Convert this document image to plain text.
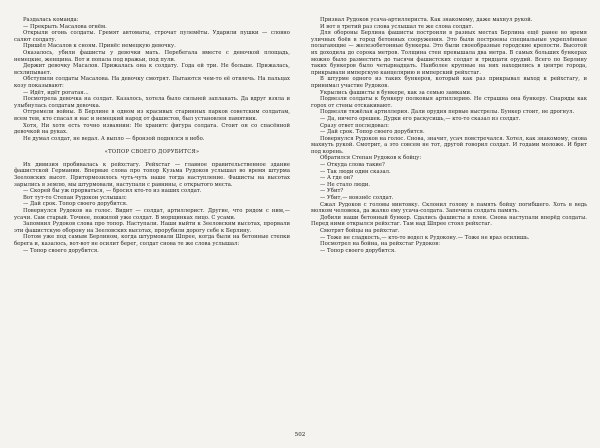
Раздалась команда:

— Прекрыть Масалова огнём.

Открыли огонь солдаты. Гремят автоматы, строчат пулемёты. Ударили пушки — словно салют солдату.

Пришёл Масалов к сноям. Принёс немецкую девочку.

Оказалось, убили фашисты у девочки мать. Перебегала вместе с девочкой площадь, немецкие, женщина. Вот и попала под вражьи, под пули.

Держит девочку Масалов. Прижалась она к солдату. Года ей три. Не больше. Прижалась, всхлипывает.

Обступили солдаты Масалова. На девочку смотрят. Пытаются чем-то её отвлечь. На пальцах козу показывают:

— Идёт, идёт рогатая...

Посмотрела девочка на солдат. Казалось, хотела было сильней заплакать. Да вдруг взяла и улыбнулась солдатам девочка.

Отгремели войны. В Берлине в одном из красивых старинных парков советским солдатам, всем тем, кто спасал и нас и немецкий народ от фашистов, был установлен памятник.

Хотя, Ни хотя есть точно изваянии: Не хранитс фигура солдата. Стоит он со спасённой девочкой на руках.

Не думал солдат, не ведал. А выпло — бронзой поднялся в небо.

«ТОПОР СВОЕГО ДОРУБИТСЯ»

Их дивизия пробивалась к рейхстагу. Рейхстаг — главное правительственное здание фашистской Германии. Впервые слова про топор Кузьма Рудоков услышал во время штурма Зееловских высот. Притормозилось чуть-чуть наше тогда наступление. Фашисты на высотах зарылись в землю, мы штурмовали, наступали с равнины, с открытого места.

— Скорей бы уж прорваться, — бросил кто-то из наших солдат.

Вот тут-то Степан Рудокон услышал:

— Дай срок. Топор своего дорубится.

Повернулся Рудоков на голос. Видит — солдат, артиллерист. Другие, что рядом с ним,— усачи. Сам старый. Точнее, пожилой уже солдат. В морщинках лицо. С усами.

Запомнил Рудоков слова про топор. Наступали. Наши выйти к Зееловским высотах, прорвали эти фашистскую оборону на Зееловских высотах, прорубили дорогу себе к Берлину.

Потом уже под самым Берлином, когда штурмовали Шпрее, когда были на бетонные степки берега и, казалось, вот-вот не осилит берег, солдат снова те же слова услышал:

— Топор своего дорубится.

Признал Рудоков усача-артиллериста. Как знакомому, даже махнул рукой.

И вот в третий раз слова услышал те же слова солдат.

Для обороны Берлина фашисты построили в разных местах Берлина ещё ранее во время уличных боёв в город бетонных сооружения. Это были построены специальные укреплённые полагающие — железобетонные бункеры. Это были своеобразные городские крепости. Высотой их доходила до сорока метров. Толщина стен превышала два метра. В самых больших бункерах можно было разместить до тысячи фашистских солдат и тридцати орудий. Всего по Берлину таких бункеров было четырнадцать. Наиболее крупные на них находились в центре города, прикрывали имперскую канцелярию и имперский рейхстаг.

В штурме одного из таких бункеров, который как раз прикрывал выход к рейхстагу, и принимал участие Рудоков.

Укрылись фашисты в бункере, как за семью замками.

Подвезли солдаты к бункеру полковыя артиллерию. Не страшна она бункеру. Снаряды как горох от стены отскакивают.

Подвезли тяжёлая артиллерия. Дали орудия первые выстрелы. Бункер стоит, не дрогнул.

— Да, ничего орешек. Дудки его раскусишь,— кто-то сказал из солдат.

Сразу ответ последовал:

— Дай срок. Топор своего дорубится.

Повернулся Рудоков на голос. Снова, значит, усач повстречался. Хотел, как знакомому, снова махнуть рукой. Смотрит, а это совсем не тот, другой говорил солдат. И годами моложе. И брит под корень.

Обратился Степан Рудоков к бойцу:

— Откуда слова такие?

— Так люди один сказал.

— А где он?

— Не стало люди.

— Убит?

— Убит,— вонзнёс солдат.

Сжал Рудоков с головы винтовку. Склонил голову в память бойцу погибшего. Хоть в ведь молком человека, да жалко ему усача-солдата. Запечила солдата память.

Добили наши бетонный бункер. Сдались фашисты в плен. Снова наступали вперёд солдаты. Перед ними открылся рейхстаг. Там над Шпрее стоял рейхстаг.

Смотрят бойцы на рейхстаг.

— Тоже не сладкость,— кто-то водел к Рудокону.— Тоже не враз осилишь.

Посмотрел на бойна, на рейхстаг Рудоков:

— Топор своего дорубится.

502
